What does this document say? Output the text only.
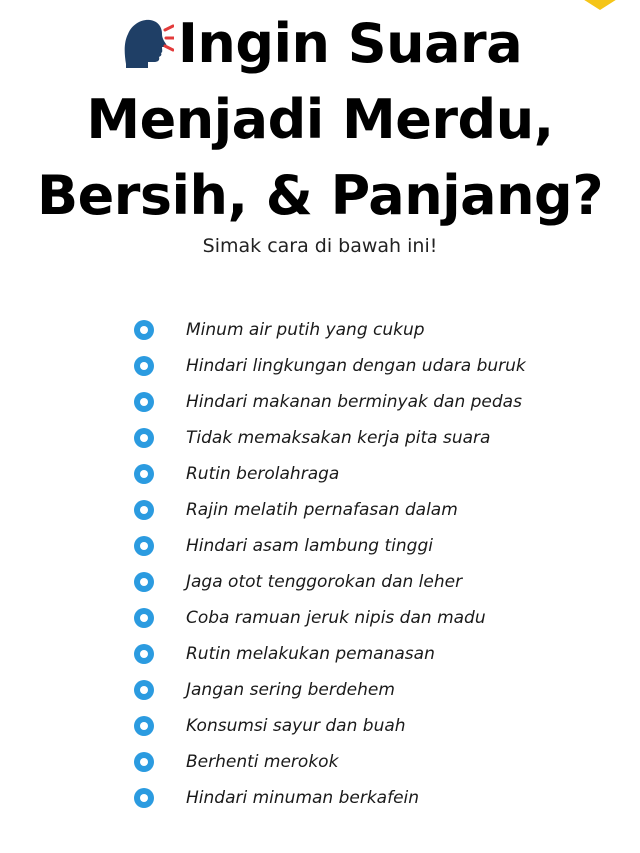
Ingin Suara
Menjadi Merdu,
Bersih, & Panjang?
Simak cara di bawah ini!
Minum air putih yang cukup
Hindari lingkungan dengan udara buruk
Hindari makanan berminyak dan pedas
Tidak memaksakan kerja pita suara
Rutin berolahraga
Rajin melatih pernafasan dalam
Hindari asam lambung tinggi
Jaga otot tenggorokan dan leher
Coba ramuan jeruk nipis dan madu
Rutin melakukan pemanasan
Jangan sering berdehem
Konsumsi sayur dan buah
Berhenti merokok
Hindari minuman berkafein
